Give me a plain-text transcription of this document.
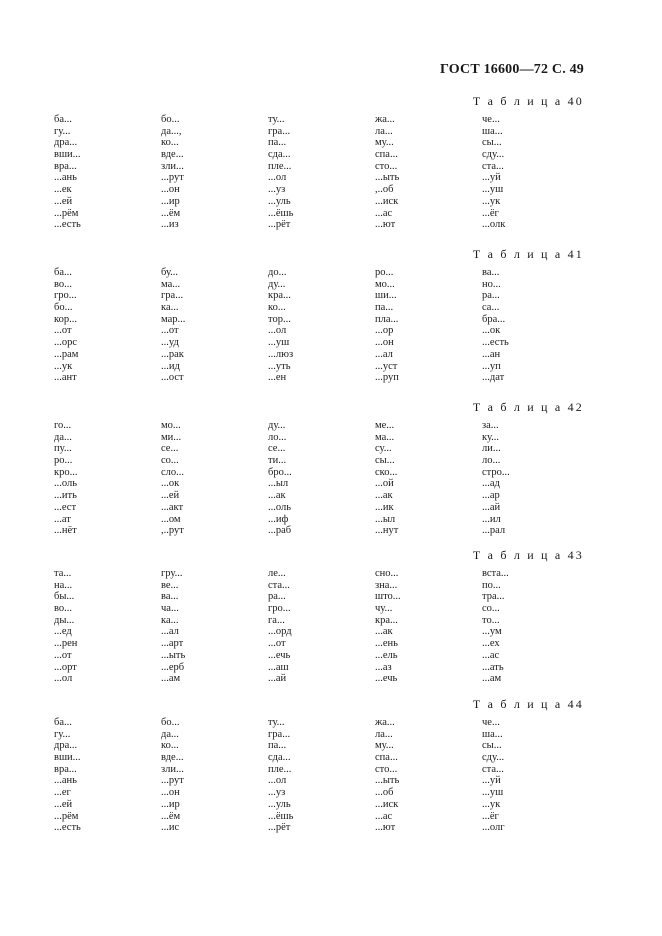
ГОСТ 16600—72 С. 49
Т а б л и ц а 40
ба...
гу...
дра...
вши...
вра...
...ань
...ек
...ей
...рём
...есть
бо...
да...,
ко...
вде...
зли...
...рут
...он
...ир
...ём
...из
ту...
гра...
па...
сда...
пле...
...ол
...уз
...уль
...ёшь
...рёт
жа...
ла...
му...
спа...
сто...
...ыть
,..об
...иск
...ас
...ют
че...
ша...
сы...
сду...
ста...
...уй
...уш
...ук
...ёг
...олк
Т а б л и ц а 41
ба...
во...
гро...
бо...
кор...
...от
...орс
...рам
...ук
...ант
бу...
ма...
гра...
ка...
мар...
...от
...уд
...рак
...ид
...ост
до...
ду...
кра...
ко...
тор...
...ол
...уш
...люз
...уть
...ен
ро...
мо...
ши...
па...
пла...
...ор
...он
...ал
...уст
...руп
ва...
но...
ра...
са...
бра...
...ок
...есть
...ан
...уп
...дат
Т а б л и ц а 42
го...
да...
пу...
ро...
кро...
...оль
...ить
...ест
...ат
...нёт
мо...
ми...
се...
со...
сло...
...ок
...ей
...акт
...ом
,..рут
ду...
ло...
се...
ти...
бро...
...ыл
...ак
...оль
...иф
...раб
ме...
ма...
су...
сы...
ско...
...ой
...ак
...ик
...ыл
...нут
за...
ку...
ли...
ло...
стро...
...ад
...ар
...ай
...ил
...рал
Т а б л и ц а 43
та...
на...
бы...
во...
ды...
...ед
...рен
...от
...орт
...ол
гру...
ве...
ва...
ча...
ка...
...ал
...арт
...ыть
...ерб
...ам
ле...
ста...
ра...
гро...
га...
...орд
...от
...ечь
...аш
...ай
сно...
зна...
што...
чу...
кра...
...ак
...ень
...ель
...аз
...ечь
вста...
по...
тра...
со...
то...
...ум
...ех
...ас
...ать
...ам
Т а б л и ц а 44
ба...
гу...
дра...
вши...
вра...
...ань
...ег
...ей
...рём
...есть
бо...
да...
ко...
вде...
зли...
...рут
...он
...ир
...ём
...ис
ту...
гра...
па...
сда...
пле...
...ол
...уз
...уль
...ёшь
...рёт
жа...
ла...
му...
спа...
сто...
...ыть
...об
...иск
...ас
...ют
че...
ша...
сы...
сду...
ста...
...уй
...уш
...ук
...ёг
...олг
